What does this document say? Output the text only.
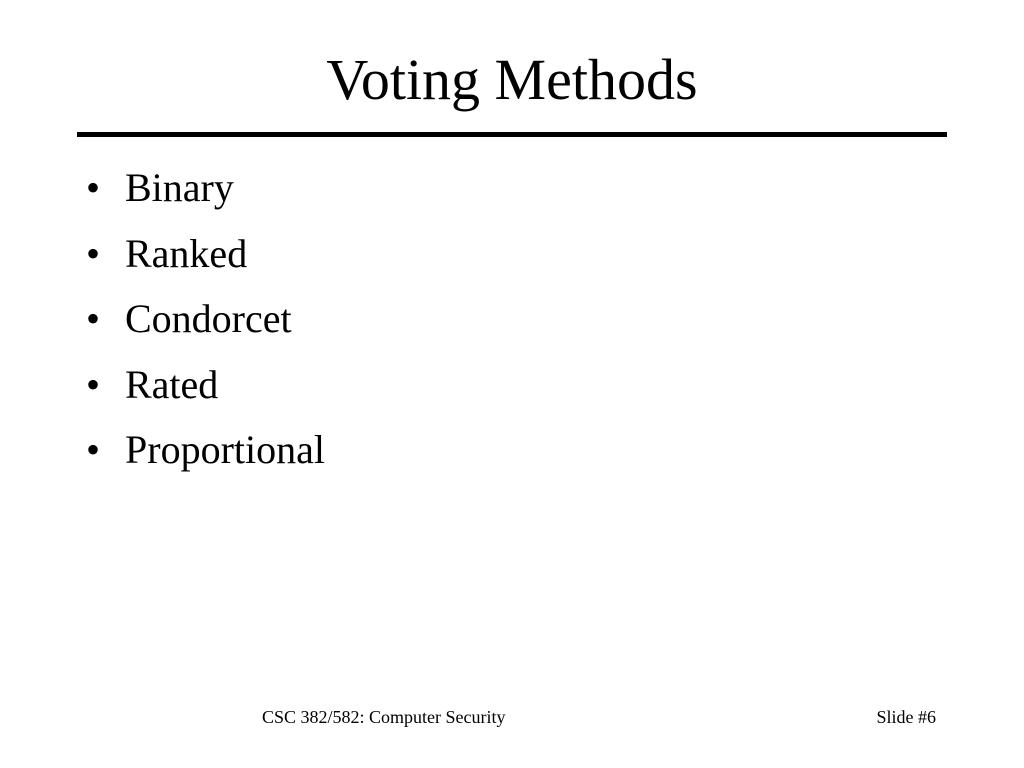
Voting Methods
• Binary
• Ranked
• Condorcet
• Rated
• Proportional
CSC 382/582: Computer Security	Slide #6
